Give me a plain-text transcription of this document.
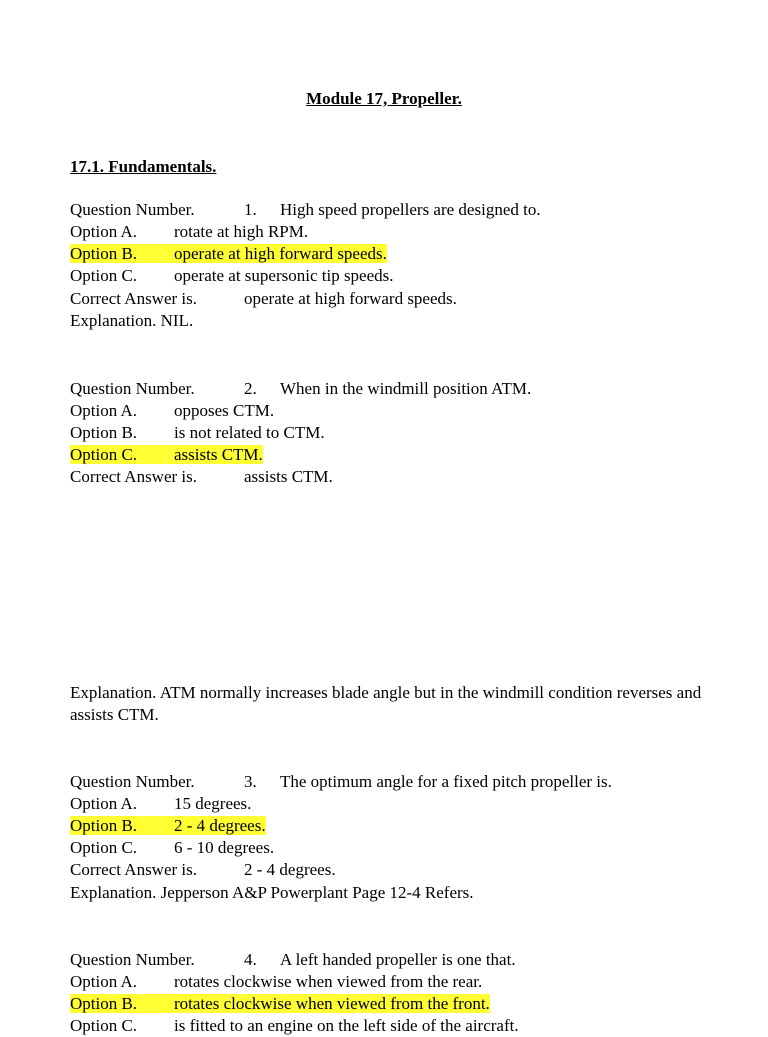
Module 17, Propeller.
17.1. Fundamentals.
Question Number.	1. High speed propellers are designed to.
Option A. rotate at high RPM.
Option B. operate at high forward speeds.
Option C. operate at supersonic tip speeds.
Correct Answer is.	operate at high forward speeds.
Explanation. NIL.
Question Number.	2. When in the windmill position ATM.
Option A. opposes CTM.
Option B. is not related to CTM.
Option C. assists CTM.
Correct Answer is.	assists CTM.
Explanation. ATM normally increases blade angle but in the windmill condition reverses and assists CTM.
Question Number.	3. The optimum angle for a fixed pitch propeller is.
Option A. 15 degrees.
Option B. 2 - 4 degrees.
Option C. 6 - 10 degrees.
Correct Answer is.	2 - 4 degrees.
Explanation. Jepperson A&P Powerplant Page 12-4 Refers.
Question Number.	4. A left handed propeller is one that.
Option A. rotates clockwise when viewed from the rear.
Option B. rotates clockwise when viewed from the front.
Option C. is fitted to an engine on the left side of the aircraft.
